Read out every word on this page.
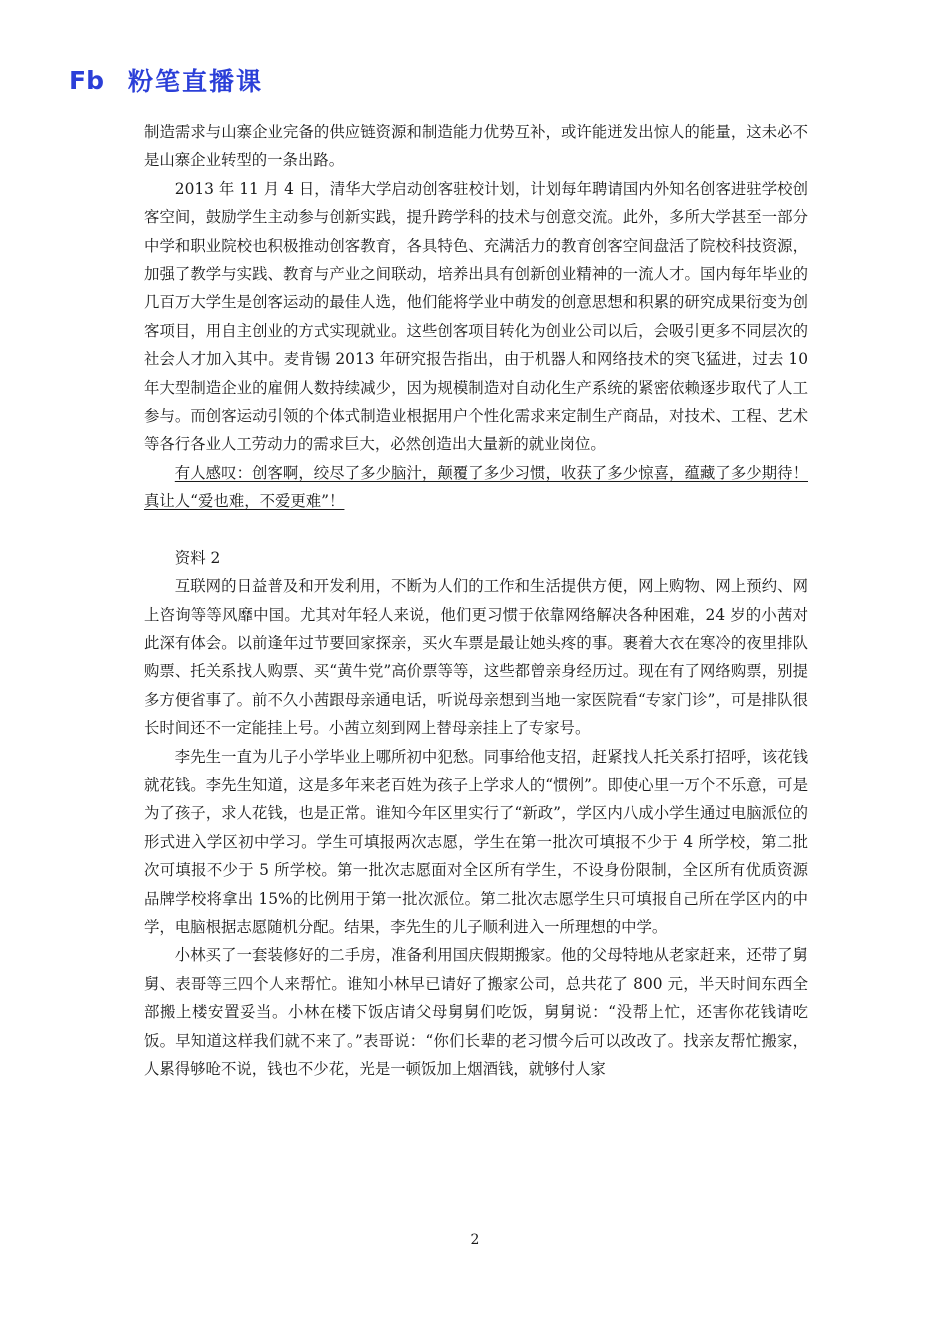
Fb 粉笔直播课

制造需求与山寨企业完备的供应链资源和制造能力优势互补，或许能迸发出惊人的能量，这未必不是山寨企业转型的一条出路。

2013 年 11 月 4 日，清华大学启动创客驻校计划，计划每年聘请国内外知名创客进驻学校创客空间，鼓励学生主动参与创新实践，提升跨学科的技术与创意交流。此外，多所大学甚至一部分中学和职业院校也积极推动创客教育，各具特色、充满活力的教育创客空间盘活了院校科技资源，加强了教学与实践、教育与产业之间联动，培养出具有创新创业精神的一流人才。国内每年毕业的几百万大学生是创客运动的最佳人选，他们能将学业中萌发的创意思想和积累的研究成果衍变为创客项目，用自主创业的方式实现就业。这些创客项目转化为创业公司以后，会吸引更多不同层次的社会人才加入其中。麦肯锡 2013 年研究报告指出，由于机器人和网络技术的突飞猛进，过去 10 年大型制造企业的雇佣人数持续减少，因为规模制造对自动化生产系统的紧密依赖逐步取代了人工参与。而创客运动引领的个体式制造业根据用户个性化需求来定制生产商品，对技术、工程、艺术等各行各业人工劳动力的需求巨大，必然创造出大量新的就业岗位。

有人感叹：创客啊，绞尽了多少脑汁，颠覆了多少习惯，收获了多少惊喜，蕴藏了多少期待！真让人“爱也难，不爱更难”！

资料 2

互联网的日益普及和开发利用，不断为人们的工作和生活提供方便，网上购物、网上预约、网上咨询等等风靡中国。尤其对年轻人来说，他们更习惯于依靠网络解决各种困难，24 岁的小茜对此深有体会。以前逢年过节要回家探亲，买火车票是最让她头疼的事。裹着大衣在寒冷的夜里排队购票、托关系找人购票、买“黄牛党”高价票等等，这些都曾亲身经历过。现在有了网络购票，别提多方便省事了。前不久小茜跟母亲通电话，听说母亲想到当地一家医院看“专家门诊”，可是排队很长时间还不一定能挂上号。小茜立刻到网上替母亲挂上了专家号。

李先生一直为儿子小学毕业上哪所初中犯愁。同事给他支招，赶紧找人托关系打招呼，该花钱就花钱。李先生知道，这是多年来老百姓为孩子上学求人的“惯例”。即使心里一万个不乐意，可是为了孩子，求人花钱，也是正常。谁知今年区里实行了“新政”，学区内八成小学生通过电脑派位的形式进入学区初中学习。学生可填报两次志愿，学生在第一批次可填报不少于 4 所学校，第二批次可填报不少于 5 所学校。第一批次志愿面对全区所有学生，不设身份限制，全区所有优质资源品牌学校将拿出 15%的比例用于第一批次派位。第二批次志愿学生只可填报自己所在学区内的中学，电脑根据志愿随机分配。结果，李先生的儿子顺利进入一所理想的中学。

小林买了一套装修好的二手房，准备利用国庆假期搬家。他的父母特地从老家赶来，还带了舅舅、表哥等三四个人来帮忙。谁知小林早已请好了搬家公司，总共花了 800 元，半天时间东西全部搬上楼安置妥当。小林在楼下饭店请父母舅舅们吃饭，舅舅说：“没帮上忙，还害你花钱请吃饭。早知道这样我们就不来了。”表哥说：“你们长辈的老习惯今后可以改改了。找亲友帮忙搬家，人累得够呛不说，钱也不少花，光是一顿饭加上烟酒钱，就够付人家

2
